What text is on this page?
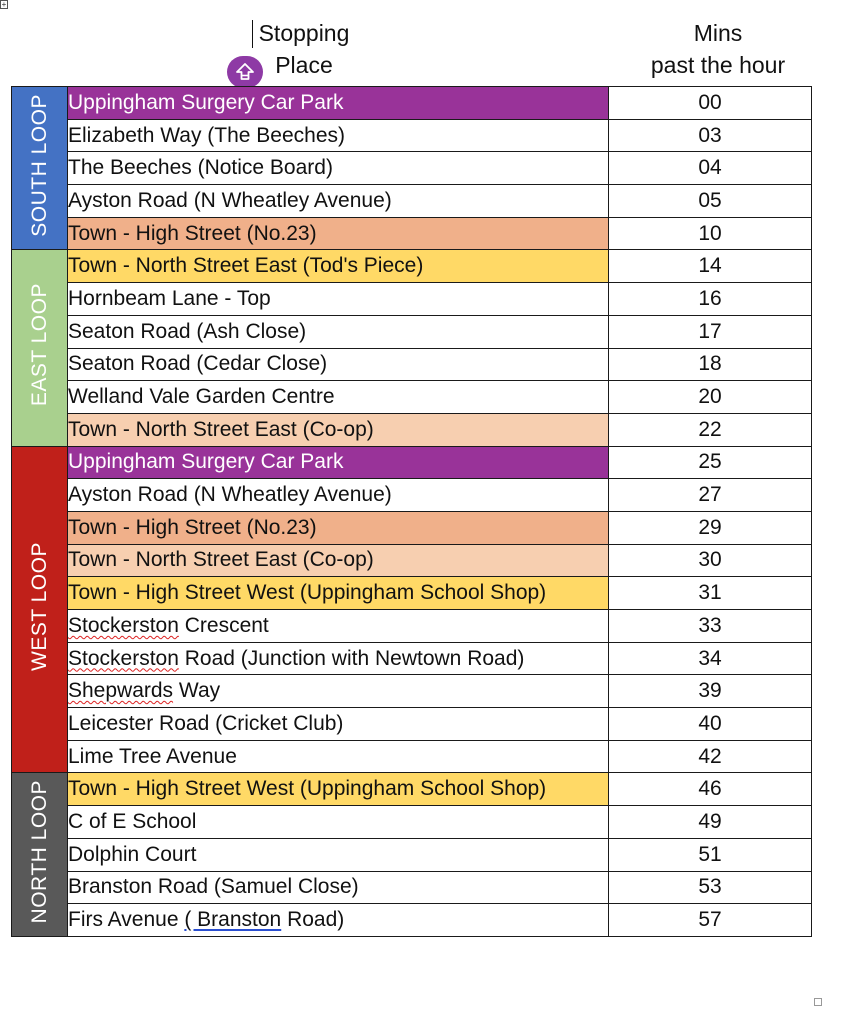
+
Stopping
Place
Mins
past the hour
SOUTH LOOP	Uppingham Surgery Car Park	00
	Elizabeth Way (The Beeches)	03
	The Beeches (Notice Board)	04
	Ayston Road (N Wheatley Avenue)	05
	Town - High Street (No.23)	10
EAST LOOP	Town - North Street East (Tod's Piece)	14
	Hornbeam Lane - Top	16
	Seaton Road (Ash Close)	17
	Seaton Road (Cedar Close)	18
	Welland Vale Garden Centre	20
	Town - North Street East (Co-op)	22
WEST LOOP	Uppingham Surgery Car Park	25
	Ayston Road (N Wheatley Avenue)	27
	Town - High Street (No.23)	29
	Town - North Street East (Co-op)	30
	Town - High Street West (Uppingham School Shop)	31
	Stockerston Crescent	33
	Stockerston Road (Junction with Newtown Road)	34
	Shepwards Way	39
	Leicester Road (Cricket Club)	40
	Lime Tree Avenue	42
NORTH LOOP	Town - High Street West (Uppingham School Shop)	46
	C of E School	49
	Dolphin Court	51
	Branston Road (Samuel Close)	53
	Firs Avenue ( Branston Road)	57
